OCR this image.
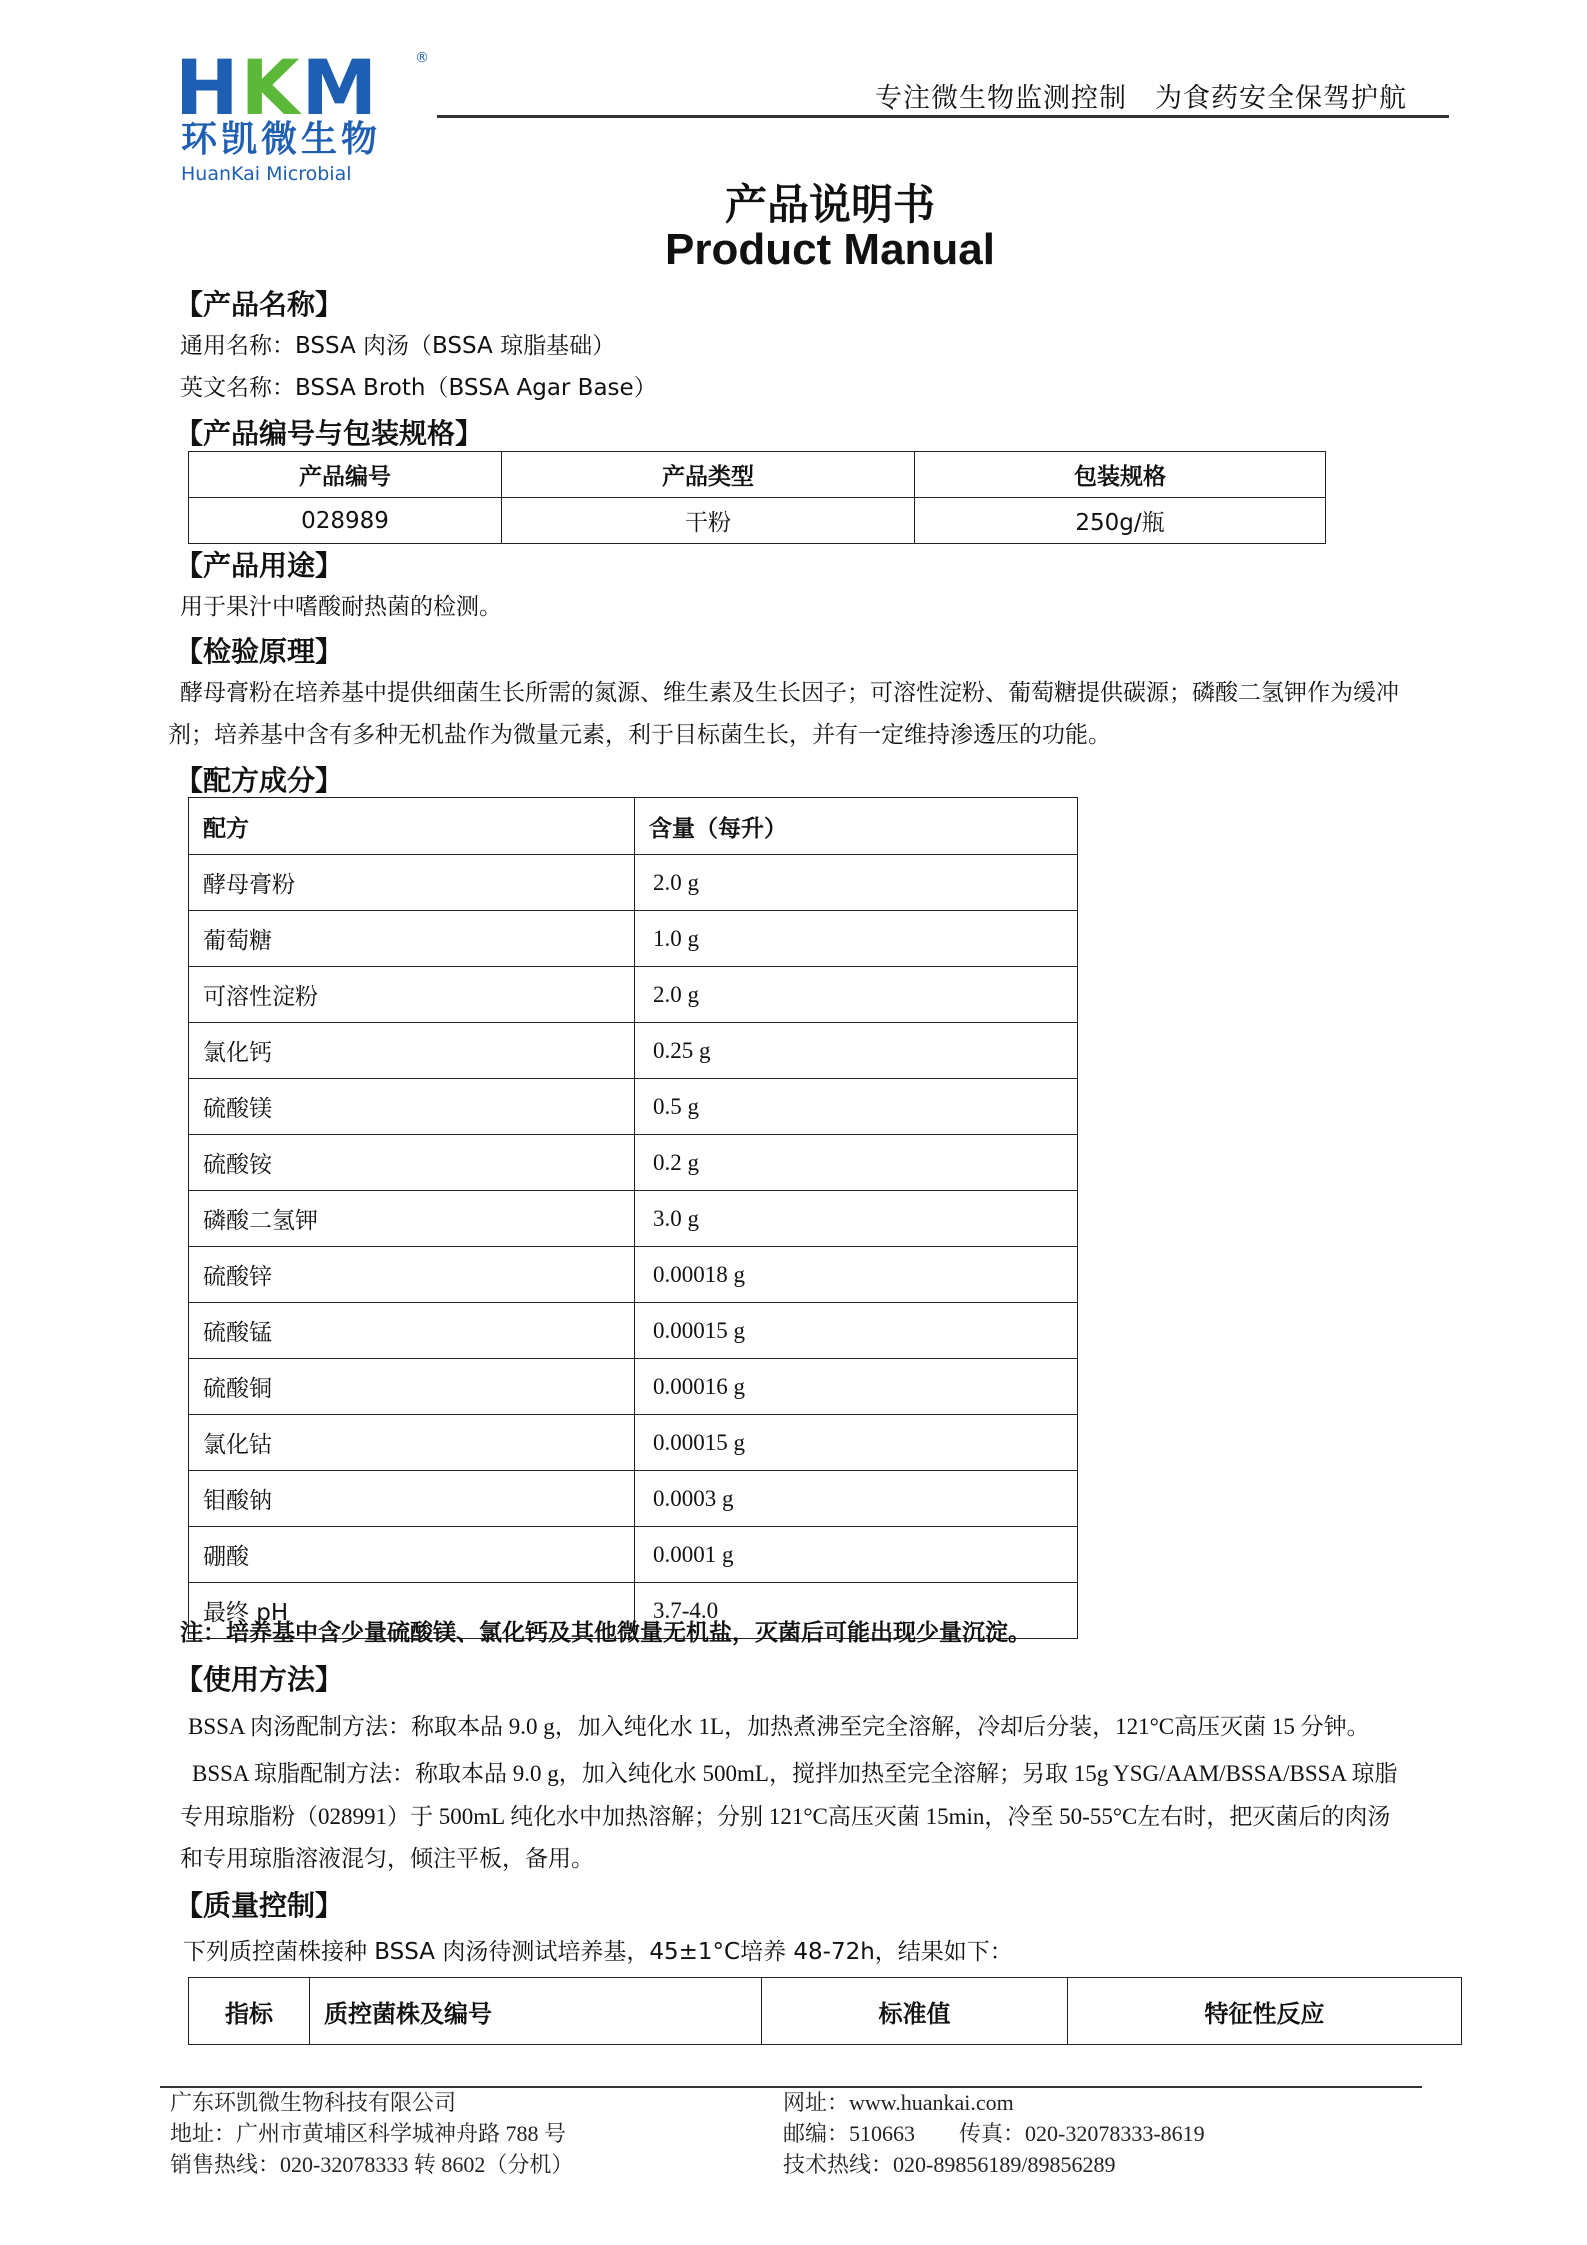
HKM	®
环凯微生物
HuanKai Microbial
专注微生物监测控制　为食药安全保驾护航
产品说明书
Product Manual
【产品名称】
通用名称：BSSA 肉汤（BSSA 琼脂基础）
英文名称：BSSA Broth（BSSA Agar Base）
【产品编号与包装规格】
产品编号	产品类型	包装规格
028989	干粉	250g/瓶
【产品用途】
用于果汁中嗜酸耐热菌的检测。
【检验原理】
酵母膏粉在培养基中提供细菌生长所需的氮源、维生素及生长因子；可溶性淀粉、葡萄糖提供碳源；磷酸二氢钾作为缓冲
剂；培养基中含有多种无机盐作为微量元素，利于目标菌生长，并有一定维持渗透压的功能。
【配方成分】
配方	含量（每升）
酵母膏粉	2.0 g
葡萄糖	1.0 g
可溶性淀粉	2.0 g
氯化钙	0.25 g
硫酸镁	0.5 g
硫酸铵	0.2 g
磷酸二氢钾	3.0 g
硫酸锌	0.00018 g
硫酸锰	0.00015 g
硫酸铜	0.00016 g
氯化钴	0.00015 g
钼酸钠	0.0003 g
硼酸	0.0001 g
最终 pH	3.7-4.0
注：培养基中含少量硫酸镁、氯化钙及其他微量无机盐，灭菌后可能出现少量沉淀。
【使用方法】
BSSA 肉汤配制方法：称取本品 9.0 g，加入纯化水 1L，加热煮沸至完全溶解，冷却后分装，121°C高压灭菌 15 分钟。
BSSA 琼脂配制方法：称取本品 9.0 g，加入纯化水 500mL，搅拌加热至完全溶解；另取 15g YSG/AAM/BSSA/BSSA 琼脂
专用琼脂粉（028991）于 500mL 纯化水中加热溶解；分别 121°C高压灭菌 15min，冷至 50-55°C左右时，把灭菌后的肉汤
和专用琼脂溶液混匀，倾注平板，备用。
【质量控制】
下列质控菌株接种 BSSA 肉汤待测试培养基，45±1°C培养 48-72h，结果如下：
指标	质控菌株及编号	标准值	特征性反应
广东环凯微生物科技有限公司
地址：广州市黄埔区科学城神舟路 788 号
销售热线：020-32078333 转 8602（分机）
网址：www.huankai.com
邮编：510663　　传真：020-32078333-8619
技术热线：020-89856189/89856289
